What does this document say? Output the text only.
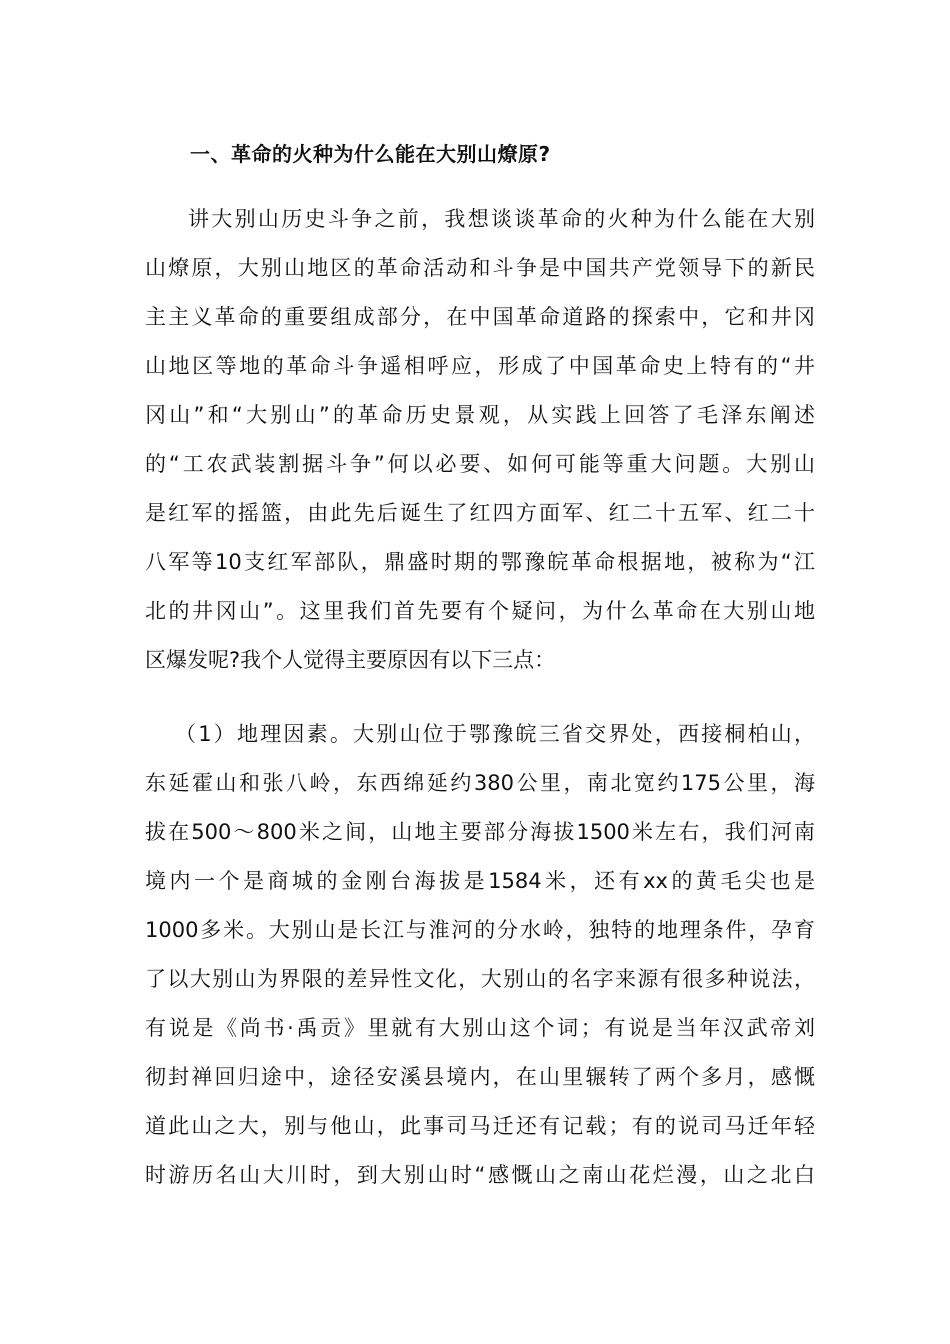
一、革命的火种为什么能在大别山燎原?
讲大别山历史斗争之前，我想谈谈革命的火种为什么能在大别
山燎原，大别山地区的革命活动和斗争是中国共产党领导下的新民
主主义革命的重要组成部分，在中国革命道路的探索中，它和井冈
山地区等地的革命斗争遥相呼应，形成了中国革命史上特有的“井
冈山”和“大别山”的革命历史景观，从实践上回答了毛泽东阐述
的“工农武装割据斗争”何以必要、如何可能等重大问题。大别山
是红军的摇篮，由此先后诞生了红四方面军、红二十五军、红二十
八军等10支红军部队，鼎盛时期的鄂豫皖革命根据地，被称为“江
北的井冈山”。这里我们首先要有个疑问，为什么革命在大别山地
区爆发呢?我个人觉得主要原因有以下三点：
（1）地理因素。大别山位于鄂豫皖三省交界处，西接桐柏山，
东延霍山和张八岭，东西绵延约380公里，南北宽约175公里，海
拔在500～800米之间，山地主要部分海拔1500米左右，我们河南
境内一个是商城的金刚台海拔是1584米，还有xx的黄毛尖也是
1000多米。大别山是长江与淮河的分水岭，独特的地理条件，孕育
了以大别山为界限的差异性文化，大别山的名字来源有很多种说法，
有说是《尚书·禹贡》里就有大别山这个词；有说是当年汉武帝刘
彻封禅回归途中，途径安溪县境内，在山里辗转了两个多月，感慨
道此山之大，别与他山，此事司马迁还有记载；有的说司马迁年轻
时游历名山大川时，到大别山时“感慨山之南山花烂漫，山之北白
